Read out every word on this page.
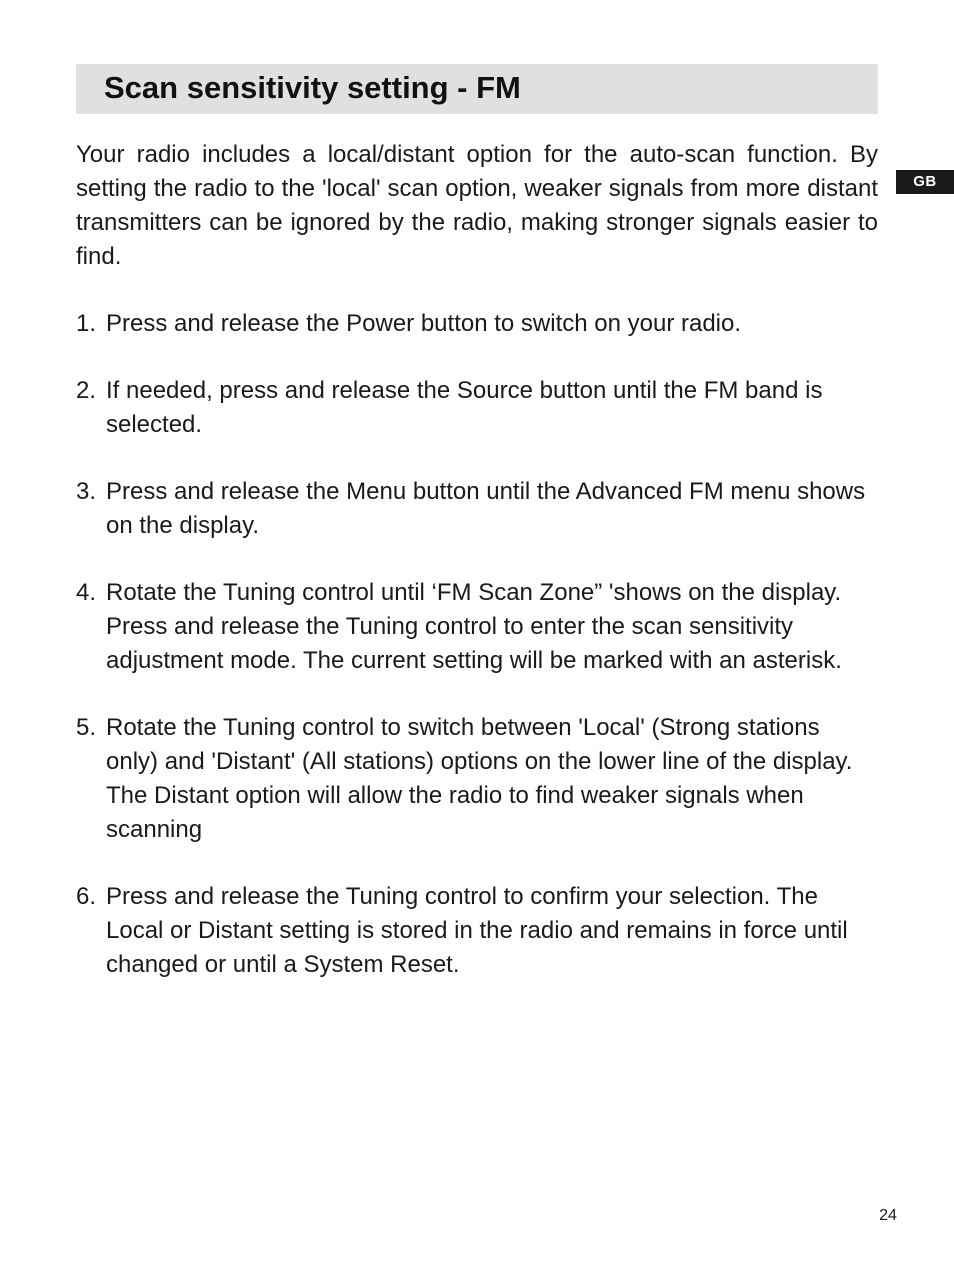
Scan sensitivity setting - FM
GB

Your radio includes a local/distant option for the auto-scan function. By setting the radio to the 'local' scan option, weaker signals from more distant transmitters can be ignored by the radio, making stronger signals easier to find.

1. Press and release the Power button to switch on your radio.
2. If needed, press and release the Source button until the FM band is selected.
3. Press and release the Menu button until the Advanced FM menu shows on the display.
4. Rotate the Tuning control until ‘FM Scan Zone” 'shows on the display. Press and release the Tuning control to enter the scan sensitivity adjustment mode. The current setting will be marked with an asterisk.
5. Rotate the Tuning control to switch between 'Local' (Strong stations only) and 'Distant' (All stations) options on the lower line of the display. The Distant option will allow the radio to find weaker signals when scanning
6. Press and release the Tuning control to confirm your selection. The Local or Distant setting is stored in the radio and remains in force until changed or until a System Reset.
24
